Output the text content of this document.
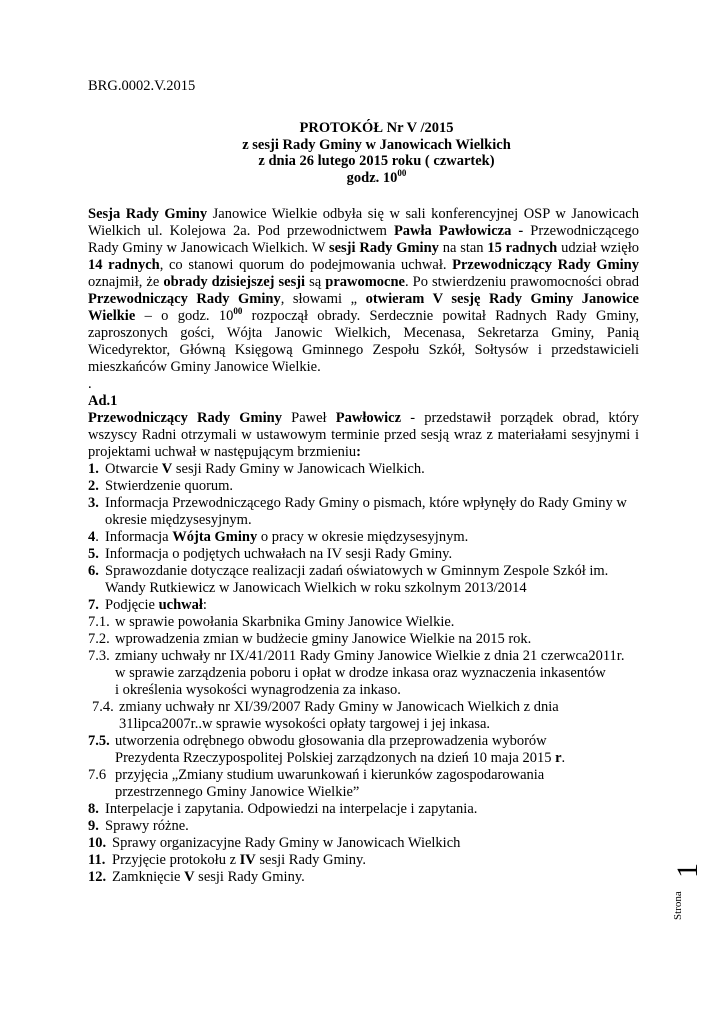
BRG.0002.V.2015
PROTOKÓŁ Nr V /2015
z sesji Rady Gminy w Janowicach Wielkich
z dnia 26 lutego 2015 roku ( czwartek)
godz. $10^{00}$

Sesja Rady Gminy Janowice Wielkie odbyła się w sali konferencyjnej OSP w Janowicach Wielkich ul. Kolejowa 2a. Pod przewodnictwem Pawła Pawłowicza - Przewodniczącego Rady Gminy w Janowicach Wielkich. W sesji Rady Gminy na stan 15 radnych udział wzięło 14 radnych, co stanowi quorum do podejmowania uchwał. Przewodniczący Rady Gminy oznajmił, że obrady dzisiejszej sesji są prawomocne. Po stwierdzeniu prawomocności obrad Przewodniczący Rady Gminy, słowami „ otwieram V sesję Rady Gminy Janowice Wielkie – o godz. $10^{00}$ rozpoczął obrady. Serdecznie powitał Radnych Rady Gminy, zaproszonych gości, Wójta Janowic Wielkich, Mecenasa, Sekretarza Gminy, Panią Wicedyrektor, Główną Księgową Gminnego Zespołu Szkół, Sołtysów i przedstawicieli mieszkańców Gminy Janowice Wielkie.

.

Ad.1

Przewodniczący Rady Gminy Paweł Pawłowicz - przedstawił porządek obrad, który wszyscy Radni otrzymali w ustawowym terminie przed sesją wraz z materiałami sesyjnymi i projektami uchwał w następującym brzmieniu:

1. Otwarcie V sesji Rady Gminy w Janowicach Wielkich.
2. Stwierdzenie quorum.
3. Informacja Przewodniczącego Rady Gminy o pismach, które wpłynęły do Rady Gminy w okresie międzysesyjnym.
4. Informacja Wójta Gminy o pracy w okresie międzysesyjnym.
5. Informacja o podjętych uchwałach na IV sesji Rady Gminy.
6. Sprawozdanie dotyczące realizacji zadań oświatowych w Gminnym Zespole Szkół im. Wandy Rutkiewicz w Janowicach Wielkich w roku szkolnym 2013/2014
7. Podjęcie uchwał:
7.1. w sprawie powołania Skarbnika Gminy Janowice Wielkie.
7.2. wprowadzenia zmian w budżecie gminy Janowice Wielkie na 2015 rok.
7.3. zmiany uchwały nr IX/41/2011 Rady Gminy Janowice Wielkie z dnia 21 czerwca2011r.
w sprawie zarządzenia poboru i opłat w drodze inkasa oraz wyznaczenia inkasentów
i określenia wysokości wynagrodzenia za inkaso.
7.4. zmiany uchwały nr XI/39/2007 Rady Gminy w Janowicach Wielkich z dnia
31lipca2007r..w sprawie wysokości opłaty targowej i jej inkasa.
7.5. utworzenia odrębnego obwodu głosowania dla przeprowadzenia wyborów
Prezydenta Rzeczypospolitej Polskiej zarządzonych na dzień 10 maja 2015 r.
7.6 przyjęcia „Zmiany studium uwarunkowań i kierunków zagospodarowania
przestrzennego Gminy Janowice Wielkie”
8. Interpelacje i zapytania. Odpowiedzi na interpelacje i zapytania.
9. Sprawy różne.
10. Sprawy organizacyjne Rady Gminy w Janowicach Wielkich
11. Przyjęcie protokołu z IV sesji Rady Gminy.
12. Zamknięcie V sesji Rady Gminy.	1
Strona
